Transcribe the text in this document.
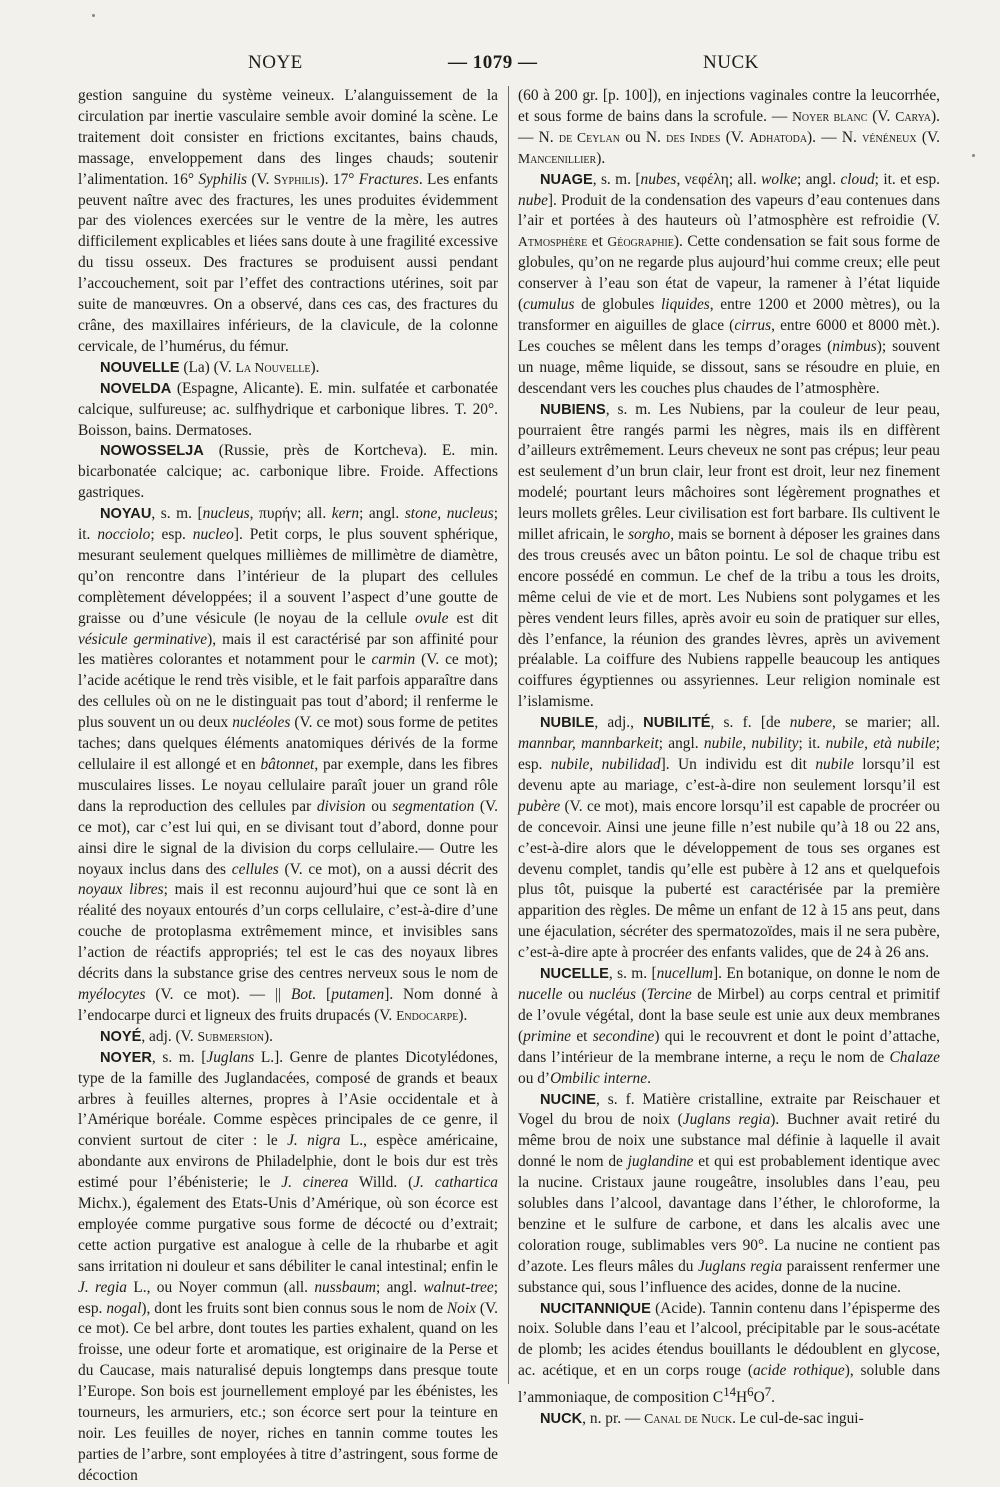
NOYE	— 1079 —	NUCK

gestion sanguine du système veineux. L’alanguissement de la circulation par inertie vasculaire semble avoir dominé la scène. Le traitement doit consister en frictions excitantes, bains chauds, massage, enveloppement dans des linges chauds; soutenir l’alimentation. 16° Syphilis (V. Syphilis). 17° Fractures. Les enfants peuvent naître avec des fractures, les unes produites évidemment par des violences exercées sur le ventre de la mère, les autres difficilement explicables et liées sans doute à une fragilité excessive du tissu osseux. Des fractures se produisent aussi pendant l’accouchement, soit par l’effet des contractions utérines, soit par suite de manœuvres. On a observé, dans ces cas, des fractures du crâne, des maxillaires inférieurs, de la clavicule, de la colonne cervicale, de l’humérus, du fémur.

NOUVELLE (La) (V. La Nouvelle).

NOVELDA (Espagne, Alicante). E. min. sulfatée et carbonatée calcique, sulfureuse; ac. sulfhydrique et carbonique libres. T. 20°. Boisson, bains. Dermatoses.

NOWOSSELJA (Russie, près de Kortcheva). E. min. bicarbonatée calcique; ac. carbonique libre. Froide. Affections gastriques.

NOYAU, s. m. [nucleus, πυρήν; all. kern; angl. stone, nucleus; it. nocciolo; esp. nucleo]. Petit corps, le plus souvent sphérique, mesurant seulement quelques millièmes de millimètre de diamètre, qu’on rencontre dans l’intérieur de la plupart des cellules complètement développées; il a souvent l’aspect d’une goutte de graisse ou d’une vésicule (le noyau de la cellule ovule est dit vésicule germinative), mais il est caractérisé par son affinité pour les matières colorantes et notamment pour le carmin (V. ce mot); l’acide acétique le rend très visible, et le fait parfois apparaître dans des cellules où on ne le distinguait pas tout d’abord; il renferme le plus souvent un ou deux nucléoles (V. ce mot) sous forme de petites taches; dans quelques éléments anatomiques dérivés de la forme cellulaire il est allongé et en bâtonnet, par exemple, dans les fibres musculaires lisses. Le noyau cellulaire paraît jouer un grand rôle dans la reproduction des cellules par division ou segmentation (V. ce mot), car c’est lui qui, en se divisant tout d’abord, donne pour ainsi dire le signal de la division du corps cellulaire.— Outre les noyaux inclus dans des cellules (V. ce mot), on a aussi décrit des noyaux libres; mais il est reconnu aujourd’hui que ce sont là en réalité des noyaux entourés d’un corps cellulaire, c’est-à-dire d’une couche de protoplasma extrêmement mince, et invisibles sans l’action de réactifs appropriés; tel est le cas des noyaux libres décrits dans la substance grise des centres nerveux sous le nom de myélocytes (V. ce mot). — || Bot. [putamen]. Nom donné à l’endocarpe durci et ligneux des fruits drupacés (V. Endocarpe).

NOYÉ, adj. (V. Submersion).

NOYER, s. m. [Juglans L.]. Genre de plantes Dicotylédones, type de la famille des Juglandacées, composé de grands et beaux arbres à feuilles alternes, propres à l’Asie occidentale et à l’Amérique boréale. Comme espèces principales de ce genre, il convient surtout de citer : le J. nigra L., espèce américaine, abondante aux environs de Philadelphie, dont le bois dur est très estimé pour l’ébénisterie; le J. cinerea Willd. (J. cathartica Michx.), également des Etats-Unis d’Amérique, où son écorce est employée comme purgative sous forme de décocté ou d’extrait; cette action purgative est analogue à celle de la rhubarbe et agit sans irritation ni douleur et sans débiliter le canal intestinal; enfin le J. regia L., ou Noyer commun (all. nussbaum; angl. walnut-tree; esp. nogal), dont les fruits sont bien connus sous le nom de Noix (V. ce mot). Ce bel arbre, dont toutes les parties exhalent, quand on les froisse, une odeur forte et aromatique, est originaire de la Perse et du Caucase, mais naturalisé depuis longtemps dans presque toute l’Europe. Son bois est journellement employé par les ébénistes, les tourneurs, les armuriers, etc.; son écorce sert pour la teinture en noir. Les feuilles de noyer, riches en tannin comme toutes les parties de l’arbre, sont employées à titre d’astringent, sous forme de décoction

(60 à 200 gr. [p. 100]), en injections vaginales contre la leucorrhée, et sous forme de bains dans la scrofule. — Noyer blanc (V. Carya). — N. de Ceylan ou N. des Indes (V. Adhatoda). — N. vénéneux (V. Mancenillier).

NUAGE, s. m. [nubes, νεφέλη; all. wolke; angl. cloud; it. et esp. nube]. Produit de la condensation des vapeurs d’eau contenues dans l’air et portées à des hauteurs où l’atmosphère est refroidie (V. Atmosphère et Géographie). Cette condensation se fait sous forme de globules, qu’on ne regarde plus aujourd’hui comme creux; elle peut conserver à l’eau son état de vapeur, la ramener à l’état liquide (cumulus de globules liquides, entre 1200 et 2000 mètres), ou la transformer en aiguilles de glace (cirrus, entre 6000 et 8000 mèt.). Les couches se mêlent dans les temps d’orages (nimbus); souvent un nuage, même liquide, se dissout, sans se résoudre en pluie, en descendant vers les couches plus chaudes de l’atmosphère.

NUBIENS, s. m. Les Nubiens, par la couleur de leur peau, pourraient être rangés parmi les nègres, mais ils en diffèrent d’ailleurs extrêmement. Leurs cheveux ne sont pas crépus; leur peau est seulement d’un brun clair, leur front est droit, leur nez finement modelé; pourtant leurs mâchoires sont légèrement prognathes et leurs mollets grêles. Leur civilisation est fort barbare. Ils cultivent le millet africain, le sorgho, mais se bornent à déposer les graines dans des trous creusés avec un bâton pointu. Le sol de chaque tribu est encore possédé en commun. Le chef de la tribu a tous les droits, même celui de vie et de mort. Les Nubiens sont polygames et les pères vendent leurs filles, après avoir eu soin de pratiquer sur elles, dès l’enfance, la réunion des grandes lèvres, après un avivement préalable. La coiffure des Nubiens rappelle beaucoup les antiques coiffures égyptiennes ou assyriennes. Leur religion nominale est l’islamisme.

NUBILE, adj., NUBILITÉ, s. f. [de nubere, se marier; all. mannbar, mannbarkeit; angl. nubile, nubility; it. nubile, età nubile; esp. nubile, nubilidad]. Un individu est dit nubile lorsqu’il est devenu apte au mariage, c’est-à-dire non seulement lorsqu’il est pubère (V. ce mot), mais encore lorsqu’il est capable de procréer ou de concevoir. Ainsi une jeune fille n’est nubile qu’à 18 ou 22 ans, c’est-à-dire alors que le développement de tous ses organes est devenu complet, tandis qu’elle est pubère à 12 ans et quelquefois plus tôt, puisque la puberté est caractérisée par la première apparition des règles. De même un enfant de 12 à 15 ans peut, dans une éjaculation, sécréter des spermatozoïdes, mais il ne sera pubère, c’est-à-dire apte à procréer des enfants valides, que de 24 à 26 ans.

NUCELLE, s. m. [nucellum]. En botanique, on donne le nom de nucelle ou nucléus (Tercine de Mirbel) au corps central et primitif de l’ovule végétal, dont la base seule est unie aux deux membranes (primine et secondine) qui le recouvrent et dont le point d’attache, dans l’intérieur de la membrane interne, a reçu le nom de Chalaze ou d’Ombilic interne.

NUCINE, s. f. Matière cristalline, extraite par Reischauer et Vogel du brou de noix (Juglans regia). Buchner avait retiré du même brou de noix une substance mal définie à laquelle il avait donné le nom de juglandine et qui est probablement identique avec la nucine. Cristaux jaune rougeâtre, insolubles dans l’eau, peu solubles dans l’alcool, davantage dans l’éther, le chloroforme, la benzine et le sulfure de carbone, et dans les alcalis avec une coloration rouge, sublimables vers 90°. La nucine ne contient pas d’azote. Les fleurs mâles du Juglans regia paraissent renfermer une substance qui, sous l’influence des acides, donne de la nucine.

NUCITANNIQUE (Acide). Tannin contenu dans l’épisperme des noix. Soluble dans l’eau et l’alcool, précipitable par le sous-acétate de plomb; les acides étendus bouillants le dédoublent en glycose, ac. acétique, et en un corps rouge (acide rothique), soluble dans l’ammoniaque, de composition $C^{14}H^6O^7$.

NUCK, n. pr. — Canal de Nuck. Le cul-de-sac ingui-
